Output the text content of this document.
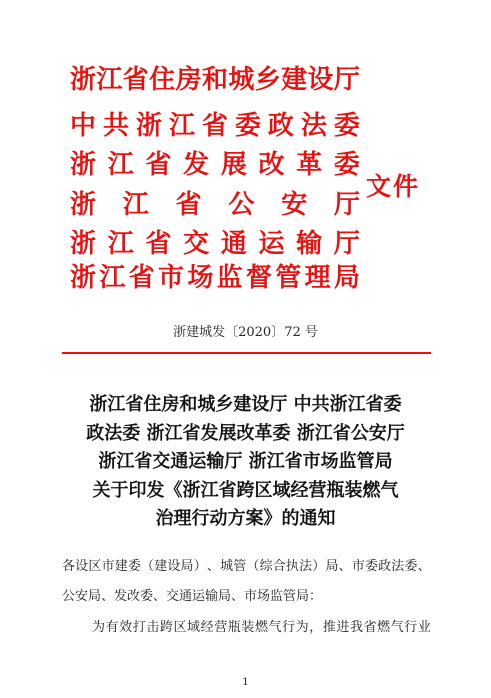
浙 江 省 住 房 和 城 乡 建 设 厅
中 共 浙 江 省 委 政 法 委
浙 江 省 发 展 改 革 委
浙 江 省 公 安 厅
浙 江 省 交 通 运 输 厅
浙 江 省 市 场 监 督 管 理 局
文件
浙建城发〔2020〕72 号
浙江省住房和城乡建设厅 中共浙江省委
政法委 浙江省发展改革委 浙江省公安厅
浙江省交通运输厅 浙江省市场监管局
关于印发《浙江省跨区域经营瓶装燃气
治理行动方案》的通知
各 设 区 市 建 委 （ 建 设 局 ） 、 城 管 （ 综 合 执 法 ） 局 、 市 委 政 法 委 、
公安局、发改委、交通运输局、市场监管局：
为 有 效 打 击 跨 区 域 经 营 瓶 装 燃 气 行 为 ， 推 进 我 省 燃 气 行 业
1
